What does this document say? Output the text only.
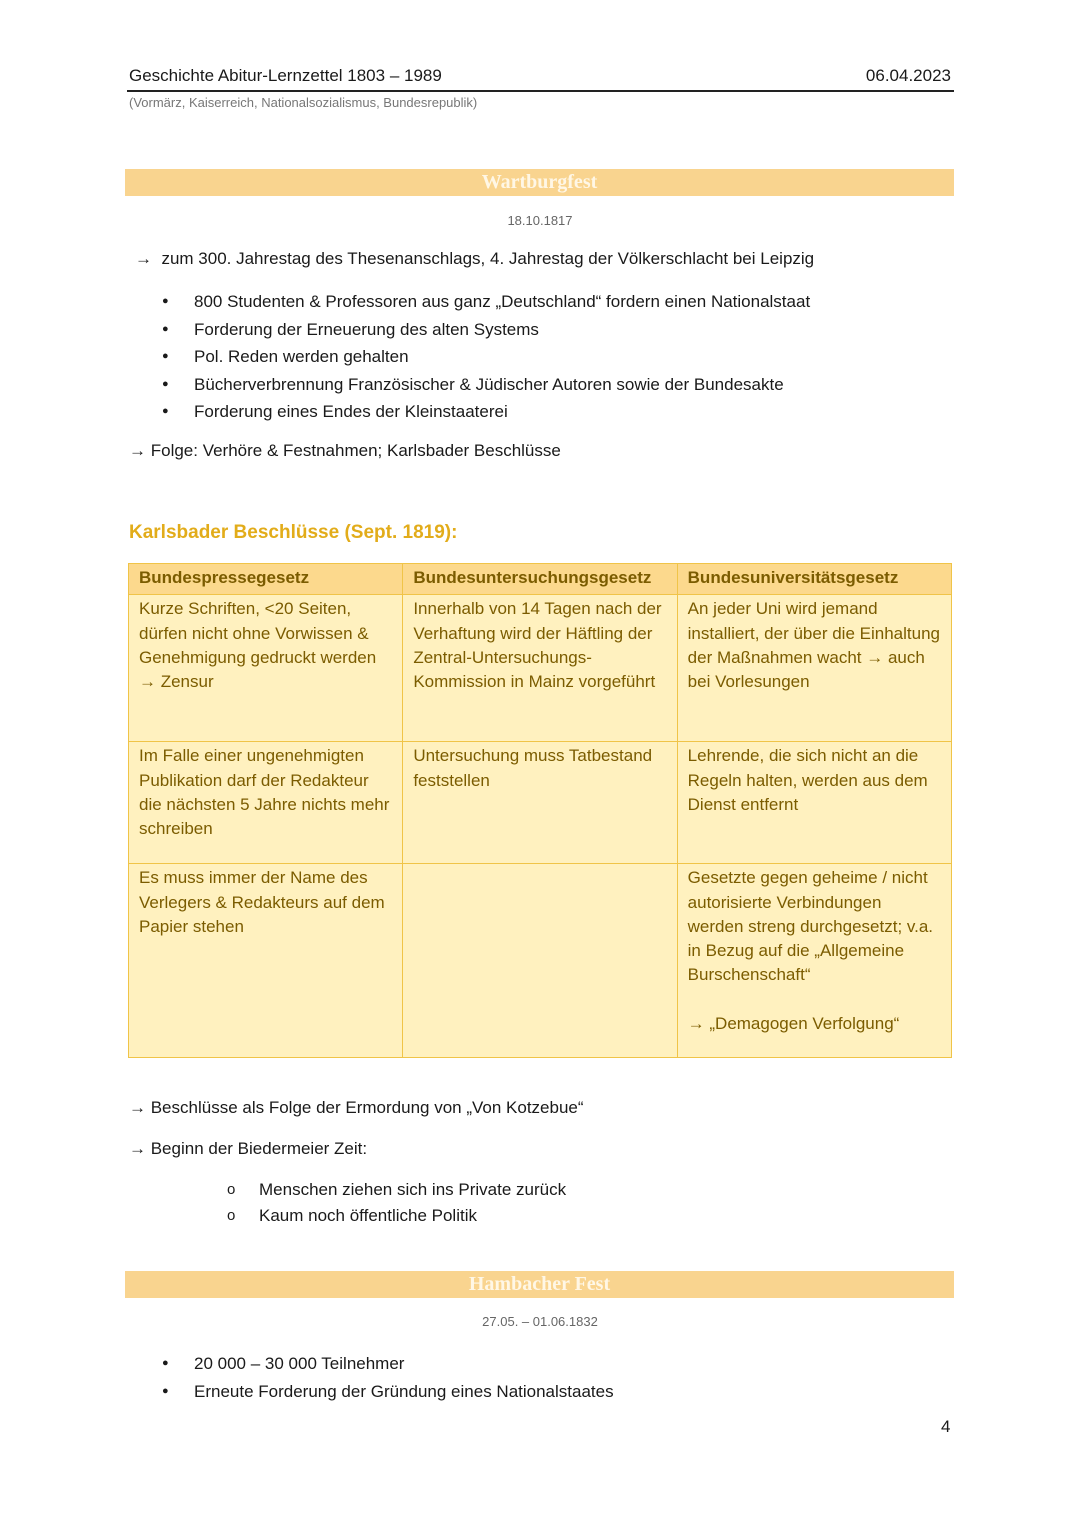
Geschichte Abitur-Lernzettel 1803 – 1989	06.04.2023
(Vormärz, Kaiserreich, Nationalsozialismus, Bundesrepublik)
Wartburgfest
18.10.1817
→ zum 300. Jahrestag des Thesenanschlags, 4. Jahrestag der Völkerschlacht bei Leipzig
● 800 Studenten & Professoren aus ganz „Deutschland“ fordern einen Nationalstaat
● Forderung der Erneuerung des alten Systems
● Pol. Reden werden gehalten
● Bücherverbrennung Französischer & Jüdischer Autoren sowie der Bundesakte
● Forderung eines Endes der Kleinstaaterei
→ Folge: Verhöre & Festnahmen; Karlsbader Beschlüsse
Karlsbader Beschlüsse (Sept. 1819):
Bundespressegesetz	Bundesuntersuchungsgesetz	Bundesuniversitätsgesetz
Kurze Schriften, <20 Seiten, dürfen nicht ohne Vorwissen & Genehmigung gedruckt werden → Zensur	Innerhalb von 14 Tagen nach der Verhaftung wird der Häftling der Zentral-Untersuchungs-Kommission in Mainz vorgeführt	An jeder Uni wird jemand installiert, der über die Einhaltung der Maßnahmen wacht → auch bei Vorlesungen
Im Falle einer ungenehmigten Publikation darf der Redakteur die nächsten 5 Jahre nichts mehr schreiben	Untersuchung muss Tatbestand feststellen	Lehrende, die sich nicht an die Regeln halten, werden aus dem Dienst entfernt
Es muss immer der Name des Verlegers & Redakteurs auf dem Papier stehen		Gesetzte gegen geheime / nicht autorisierte Verbindungen werden streng durchgesetzt; v.a. in Bezug auf die „Allgemeine Burschenschaft“
→ „Demagogen Verfolgung“
→ Beschlüsse als Folge der Ermordung von „Von Kotzebue“
→ Beginn der Biedermeier Zeit:
o Menschen ziehen sich ins Private zurück
o Kaum noch öffentliche Politik
Hambacher Fest
27.05. – 01.06.1832
● 20 000 – 30 000 Teilnehmer
● Erneute Forderung der Gründung eines Nationalstaates
4
